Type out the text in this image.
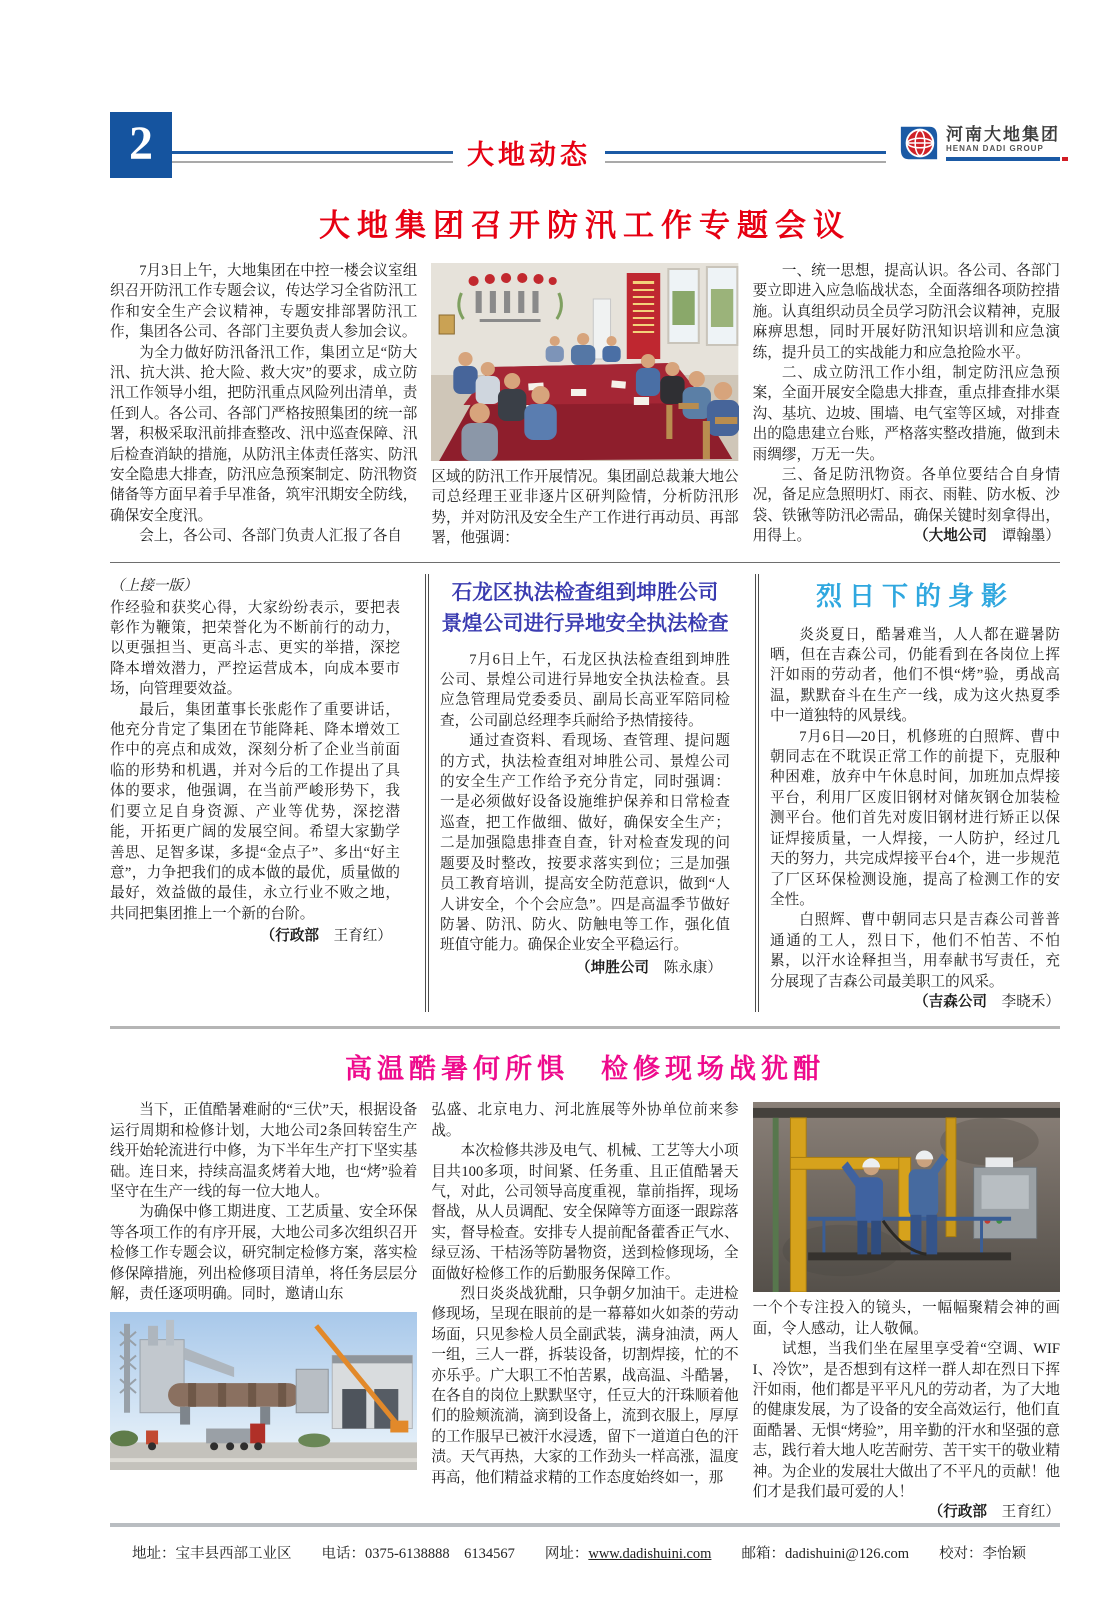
2	大地动态
河南大地集团
HENAN DADI GROUP
大地集团召开防汛工作专题会议

7月3日上午，大地集团在中控一楼会议室组织召开防汛工作专题会议，传达学习全省防汛工作和安全生产会议精神，专题安排部署防汛工作，集团各公司、各部门主要负责人参加会议。

为全力做好防汛备汛工作，集团立足“防大汛、抗大洪、抢大险、救大灾”的要求，成立防汛工作领导小组，把防汛重点风险列出清单，责任到人。各公司、各部门严格按照集团的统一部署，积极采取汛前排查整改、汛中巡查保障、汛后检查消缺的措施，从防汛主体责任落实、防汛安全隐患大排查，防汛应急预案制定、防汛物资储备等方面早着手早准备，筑牢汛期安全防线，确保安全度汛。

会上，各公司、各部门负责人汇报了各自

区域的防汛工作开展情况。集团副总裁兼大地公司总经理王亚非逐片区研判险情，分析防汛形势，并对防汛及安全生产工作进行再动员、再部署，他强调：

一、统一思想，提高认识。各公司、各部门要立即进入应急临战状态，全面落细各项防控措施。认真组织动员全员学习防汛会议精神，克服麻痹思想，同时开展好防汛知识培训和应急演练，提升员工的实战能力和应急抢险水平。

二、成立防汛工作小组，制定防汛应急预案，全面开展安全隐患大排查，重点排查排水渠沟、基坑、边坡、围墙、电气室等区域，对排查出的隐患建立台账，严格落实整改措施，做到未雨绸缪，万无一失。

三、备足防汛物资。各单位要结合自身情况，备足应急照明灯、雨衣、雨鞋、防水板、沙袋、铁锹等防汛必需品，确保关键时刻拿得出，用得上。	（大地公司　谭翰墨）

（上接一版）

作经验和获奖心得，大家纷纷表示，要把表彰作为鞭策，把荣誉化为不断前行的动力，以更强担当、更高斗志、更实的举措，深挖降本增效潜力，严控运营成本，向成本要市场，向管理要效益。

最后，集团董事长张彪作了重要讲话，他充分肯定了集团在节能降耗、降本增效工作中的亮点和成效，深刻分析了企业当前面临的形势和机遇，并对今后的工作提出了具体的要求，他强调，在当前严峻形势下，我们要立足自身资源、产业等优势，深挖潜能，开拓更广阔的发展空间。希望大家勤学善思、足智多谋，多提“金点子”、多出“好主意”，力争把我们的成本做的最优，质量做的最好，效益做的最佳，永立行业不败之地，共同把集团推上一个新的台阶。

（行政部　王育红）

石龙区执法检查组到坤胜公司
景煌公司进行异地安全执法检查

7月6日上午，石龙区执法检查组到坤胜公司、景煌公司进行异地安全执法检查。县应急管理局党委委员、副局长高亚军陪同检查，公司副总经理李兵耐给予热情接待。

通过查资料、看现场、查管理、提问题的方式，执法检查组对坤胜公司、景煌公司的安全生产工作给予充分肯定，同时强调：一是必须做好设备设施维护保养和日常检查巡查，把工作做细、做好，确保安全生产；二是加强隐患排查自查，针对检查发现的问题要及时整改，按要求落实到位；三是加强员工教育培训，提高安全防范意识，做到“人人讲安全，个个会应急”。四是高温季节做好防暑、防汛、防火、防触电等工作，强化值班值守能力。确保企业安全平稳运行。

（坤胜公司　陈永康）

烈日下的身影

炎炎夏日，酷暑难当，人人都在避暑防晒，但在吉森公司，仍能看到在各岗位上挥汗如雨的劳动者，他们不惧“烤”验，勇战高温，默默奋斗在生产一线，成为这火热夏季中一道独特的风景线。

7月6日—20日，机修班的白照辉、曹中朝同志在不耽误正常工作的前提下，克服种种困难，放弃中午休息时间，加班加点焊接平台，利用厂区废旧钢材对储灰钢仓加装检测平台。他们首先对废旧钢材进行矫正以保证焊接质量，一人焊接，一人防护，经过几天的努力，共完成焊接平台4个，进一步规范了厂区环保检测设施，提高了检测工作的安全性。

白照辉、曹中朝同志只是吉森公司普普通通的工人，烈日下，他们不怕苦、不怕累，以汗水诠释担当，用奉献书写责任，充分展现了吉森公司最美职工的风采。
（吉森公司　李晓禾）

高温酷暑何所惧　检修现场战犹酣

当下，正值酷暑难耐的“三伏”天，根据设备运行周期和检修计划，大地公司2条回转窑生产线开始轮流进行中修，为下半年生产打下坚实基础。连日来，持续高温炙烤着大地，也“烤”验着坚守在生产一线的每一位大地人。

为确保中修工期进度、工艺质量、安全环保等各项工作的有序开展，大地公司多次组织召开检修工作专题会议，研究制定检修方案，落实检修保障措施，列出检修项目清单，将任务层层分解，责任逐项明确。同时，邀请山东

弘盛、北京电力、河北旌展等外协单位前来参战。

本次检修共涉及电气、机械、工艺等大小项目共100多项，时间紧、任务重、且正值酷暑天气，对此，公司领导高度重视，靠前指挥，现场督战，从人员调配、安全保障等方面逐一跟踪落实，督导检查。安排专人提前配备藿香正气水、绿豆汤、干桔汤等防暑物资，送到检修现场，全面做好检修工作的后勤服务保障工作。

烈日炎炎战犹酣，只争朝夕加油干。走进检修现场，呈现在眼前的是一幕幕如火如荼的劳动场面，只见参检人员全副武装，满身油渍，两人一组，三人一群，拆装设备，切割焊接，忙的不亦乐乎。广大职工不怕苦累，战高温、斗酷暑，在各自的岗位上默默坚守，任豆大的汗珠顺着他们的脸颊流淌，滴到设备上，流到衣服上，厚厚的工作服早已被汗水浸透，留下一道道白色的汗渍。天气再热，大家的工作劲头一样高涨，温度再高，他们精益求精的工作态度始终如一，那

一个个专注投入的镜头，一幅幅聚精会神的画面，令人感动，让人敬佩。

试想，当我们坐在屋里享受着“空调、WIFI、冷饮”，是否想到有这样一群人却在烈日下挥汗如雨，他们都是平平凡凡的劳动者，为了大地的健康发展，为了设备的安全高效运行，他们直面酷暑、无惧“烤验”，用辛勤的汗水和坚强的意志，践行着大地人吃苦耐劳、苦干实干的敬业精神。为企业的发展壮大做出了不平凡的贡献！他们才是我们最可爱的人！
（行政部　王育红）

地址：宝丰县西部工业区 电话：0375-6138888　6134567 网址：www.dadishuini.com 邮箱：dadishuini@126.com 校对：李怡颖
